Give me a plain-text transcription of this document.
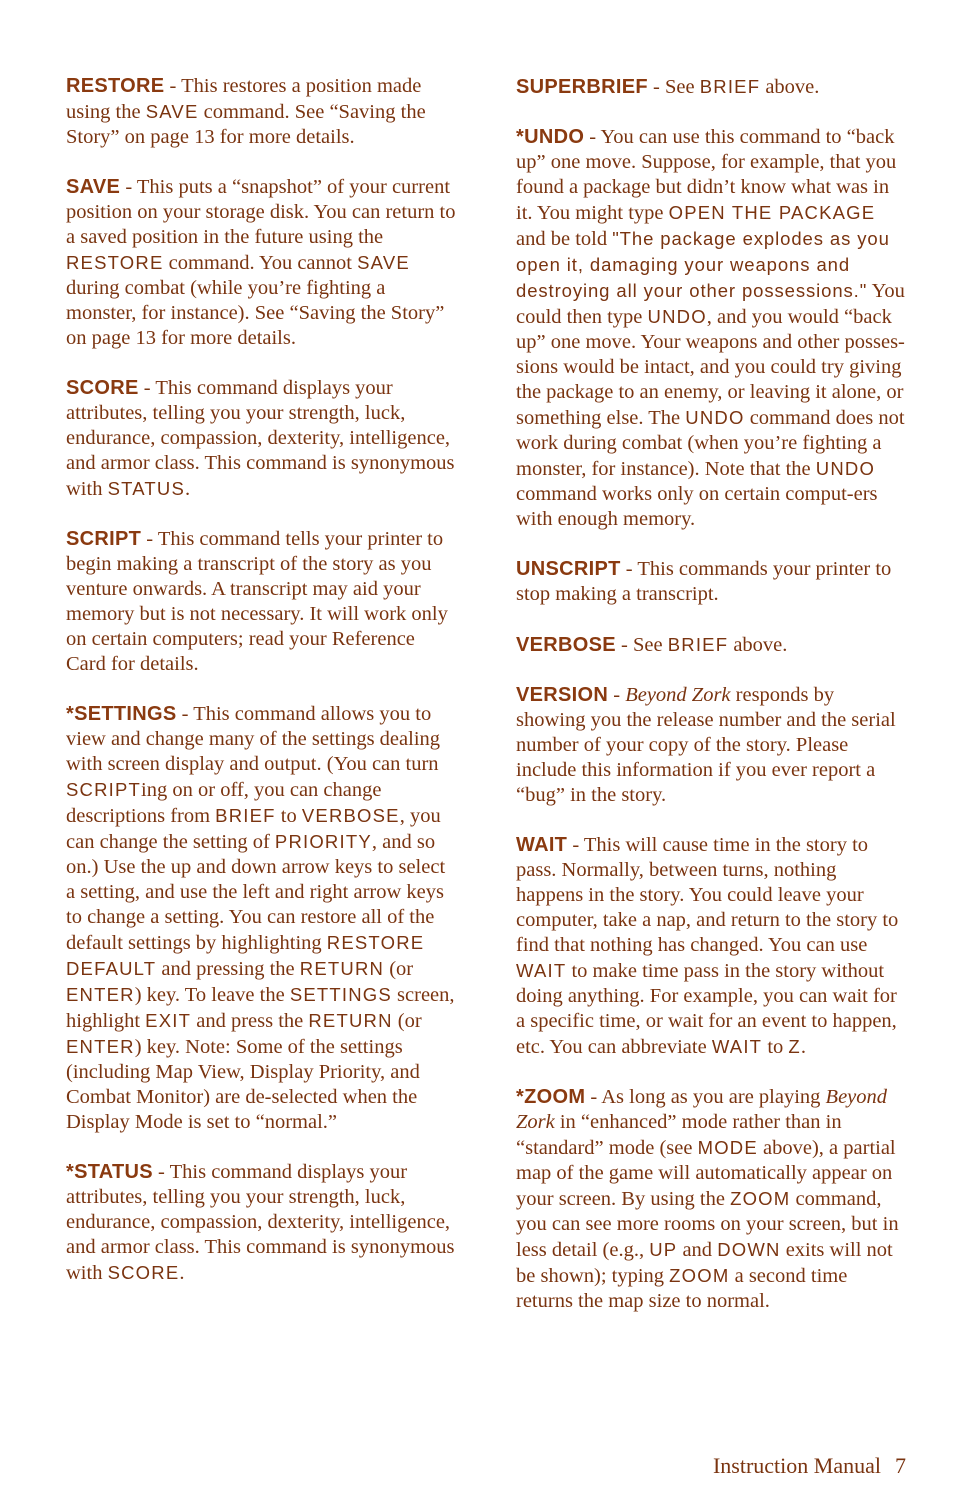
RESTORE - This restores a position made using the SAVE command. See “Saving the Story” on page 13 for more details.

SAVE - This puts a “snapshot” of your current position on your storage disk. You can return to a saved position in the future using the RESTORE command. You cannot SAVE during combat (while you’re fighting a monster, for instance). See “Saving the Story” on page 13 for more details.

SCORE - This command displays your attributes, telling you your strength, luck, endurance, compassion, dexterity, intelligence, and armor class. This command is synonymous with STATUS.

SCRIPT - This command tells your printer to begin making a transcript of the story as you venture onwards. A transcript may aid your memory but is not necessary. It will work only on certain computers; read your Reference Card for details.

*SETTINGS - This command allows you to view and change many of the settings dealing with screen display and output. (You can turn SCRIPTing on or off, you can change descriptions from BRIEF to VERBOSE, you can change the setting of PRIORITY, and so on.) Use the up and down arrow keys to select a setting, and use the left and right arrow keys to change a setting. You can restore all of the default settings by highlighting RESTORE DEFAULT and pressing the RETURN (or ENTER) key. To leave the SETTINGS screen, highlight EXIT and press the RETURN (or ENTER) key. Note: Some of the settings (including Map View, Display Priority, and Combat Monitor) are de-selected when the Display Mode is set to “normal.”

*STATUS - This command displays your attributes, telling you your strength, luck, endurance, compassion, dexterity, intelligence, and armor class. This command is synonymous with SCORE.

SUPERBRIEF - See BRIEF above.

*UNDO - You can use this command to “back up” one move. Suppose, for example, that you found a package but didn’t know what was in it. You might type OPEN THE PACKAGE and be told "The package explodes as you open it, damaging your weapons and destroying all your other possessions." You could then type UNDO, and you would “back up” one move. Your weapons and other posses-sions would be intact, and you could try giving the package to an enemy, or leaving it alone, or something else. The UNDO command does not work during combat (when you’re fighting a monster, for instance). Note that the UNDO command works only on certain comput-ers with enough memory.

UNSCRIPT - This commands your printer to stop making a transcript.

VERBOSE - See BRIEF above.

VERSION - Beyond Zork responds by showing you the release number and the serial number of your copy of the story. Please include this information if you ever report a “bug” in the story.

WAIT - This will cause time in the story to pass. Normally, between turns, nothing happens in the story. You could leave your computer, take a nap, and return to the story to find that nothing has changed. You can use WAIT to make time pass in the story without doing anything. For example, you can wait for a specific time, or wait for an event to happen, etc. You can abbreviate WAIT to Z.

*ZOOM - As long as you are playing Beyond Zork in “enhanced” mode rather than in “standard” mode (see MODE above), a partial map of the game will automatically appear on your screen. By using the ZOOM command, you can see more rooms on your screen, but in less detail (e.g., UP and DOWN exits will not be shown); typing ZOOM a second time returns the map size to normal.

Instruction Manual 7
